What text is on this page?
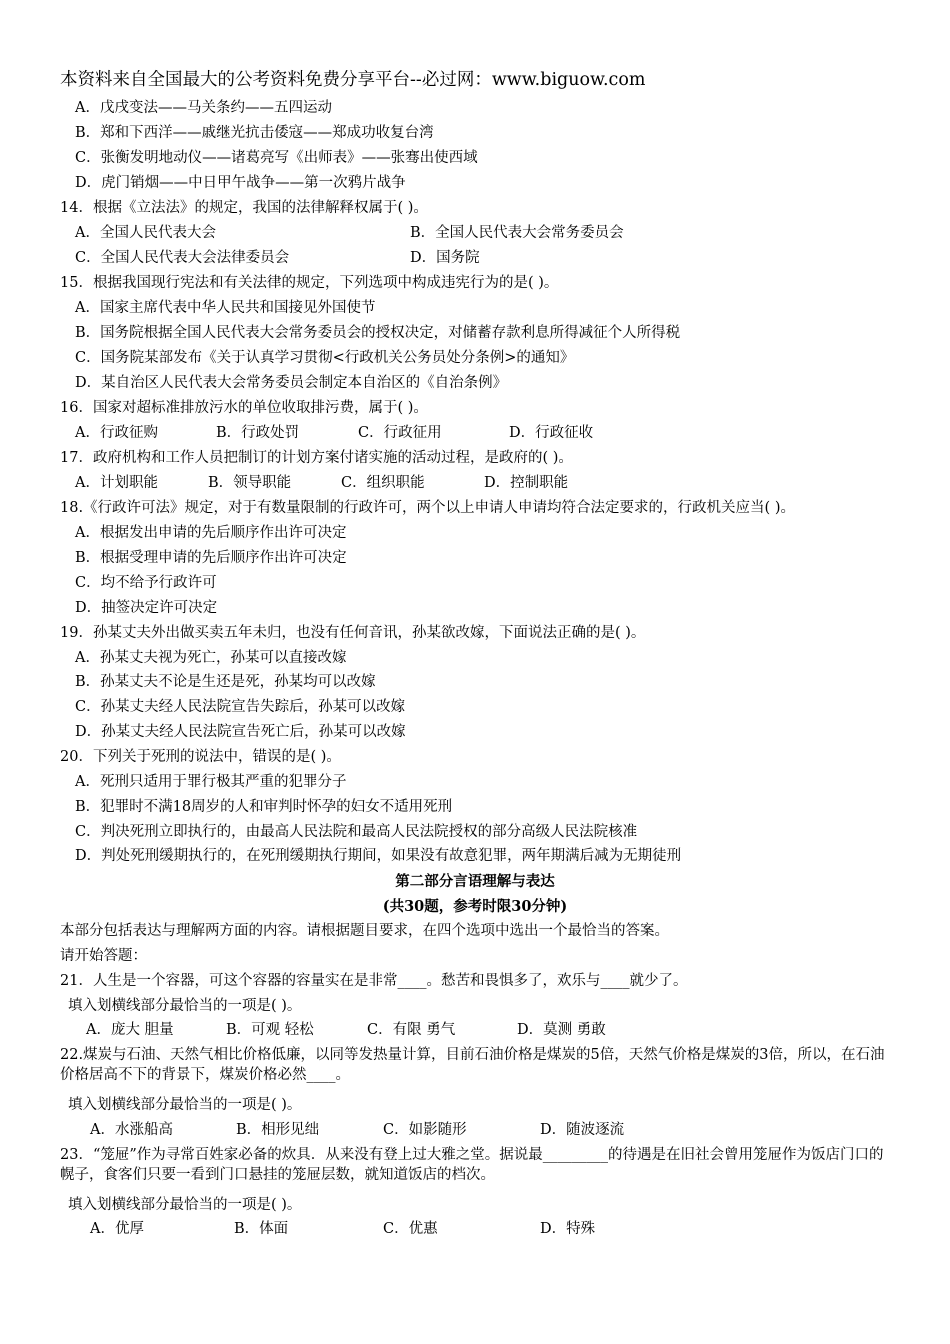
本资料来自全国最大的公考资料免费分享平台--必过网：www.biguow.com
A．戊戌变法——马关条约——五四运动
B．郑和下西洋——戚继光抗击倭寇——郑成功收复台湾
C．张衡发明地动仪——诸葛亮写《出师表》——张骞出使西域
D．虎门销烟——中日甲午战争——第一次鸦片战争
14．根据《立法法》的规定，我国的法律解释权属于( )。
A．全国人民代表大会	B．全国人民代表大会常务委员会
C．全国人民代表大会法律委员会	D．国务院
15．根据我国现行宪法和有关法律的规定，下列选项中构成违宪行为的是( )。
A．国家主席代表中华人民共和国接见外国使节
B．国务院根据全国人民代表大会常务委员会的授权决定，对储蓄存款利息所得减征个人所得税
C．国务院某部发布《关于认真学习贯彻<行政机关公务员处分条例>的通知》
D．某自治区人民代表大会常务委员会制定本自治区的《自治条例》
16．国家对超标准排放污水的单位收取排污费，属于( )。
A．行政征购	B．行政处罚	C．行政征用	D．行政征收
17．政府机构和工作人员把制订的计划方案付诸实施的活动过程，是政府的( )。
A．计划职能	B．领导职能	C．组织职能	D．控制职能
18.《行政许可法》规定，对于有数量限制的行政许可，两个以上申请人申请均符合法定要求的，行政机关应当( )。
A．根据发出申请的先后顺序作出许可决定
B．根据受理申请的先后顺序作出许可决定
C．均不给予行政许可
D．抽签决定许可决定
19．孙某丈夫外出做买卖五年未归，也没有任何音讯，孙某欲改嫁，下面说法正确的是( )。
A．孙某丈夫视为死亡，孙某可以直接改嫁
B．孙某丈夫不论是生还是死，孙某均可以改嫁
C．孙某丈夫经人民法院宣告失踪后，孙某可以改嫁
D．孙某丈夫经人民法院宣告死亡后，孙某可以改嫁
20．下列关于死刑的说法中，错误的是( )。
A．死刑只适用于罪行极其严重的犯罪分子
B．犯罪时不满18周岁的人和审判时怀孕的妇女不适用死刑
C．判决死刑立即执行的，由最高人民法院和最高人民法院授权的部分高级人民法院核准
D．判处死刑缓期执行的，在死刑缓期执行期间，如果没有故意犯罪，两年期满后减为无期徒刑
第二部分言语理解与表达
(共30题，参考时限30分钟)
本部分包括表达与理解两方面的内容。请根据题目要求，在四个选项中选出一个最恰当的答案。
请开始答题：
21．人生是一个容器，可这个容器的容量实在是非常____。愁苦和畏惧多了，欢乐与____就少了。
填入划横线部分最恰当的一项是( )。
A．庞大 胆量	B．可观 轻松	C．有限 勇气	D．莫测 勇敢
22.煤炭与石油、天然气相比价格低廉，以同等发热量计算，目前石油价格是煤炭的5倍，天然气价格是煤炭的3倍，所以，在石油价格居高不下的背景下，煤炭价格必然____。
填入划横线部分最恰当的一项是( )。
A．水涨船高	B．相形见绌	C．如影随形	D．随波逐流
23．“笼屉”作为寻常百姓家必备的炊具．从来没有登上过大雅之堂。据说最_________的待遇是在旧社会曾用笼屉作为饭店门口的幌子，食客们只要一看到门口悬挂的笼屉层数，就知道饭店的档次。
填入划横线部分最恰当的一项是( )。
A．优厚	B．体面	C．优惠	D．特殊
